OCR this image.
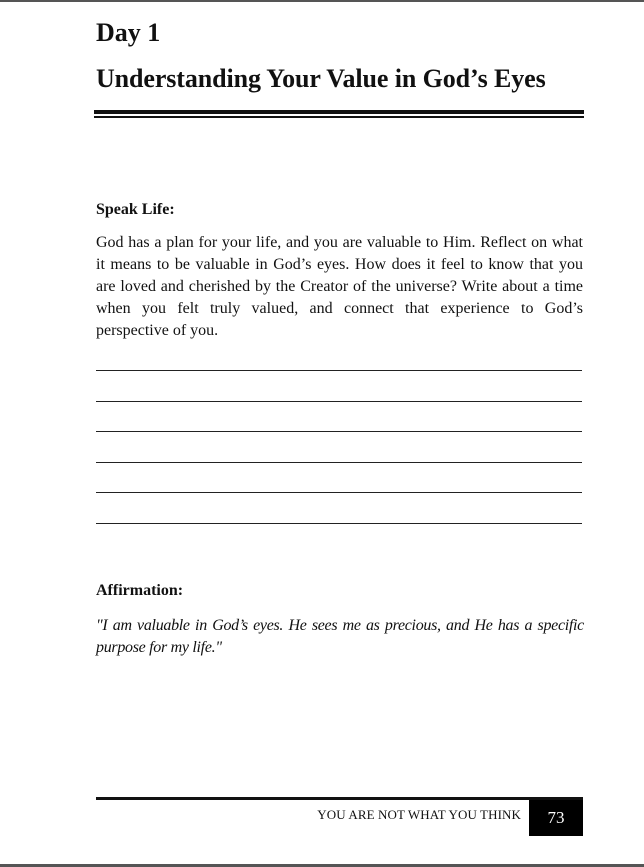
Day 1
Understanding Your Value in God’s Eyes
Speak Life:

God has a plan for your life, and you are valuable to Him. Reflect on what it means to be valuable in God’s eyes. How does it feel to know that you are loved and cherished by the Creator of the universe? Write about a time when you felt truly valued, and connect that experience to God’s perspective of you.

Affirmation:

"I am valuable in God’s eyes. He sees me as precious, and He has a specific purpose for my life."

YOU ARE NOT WHAT YOU THINK	73
